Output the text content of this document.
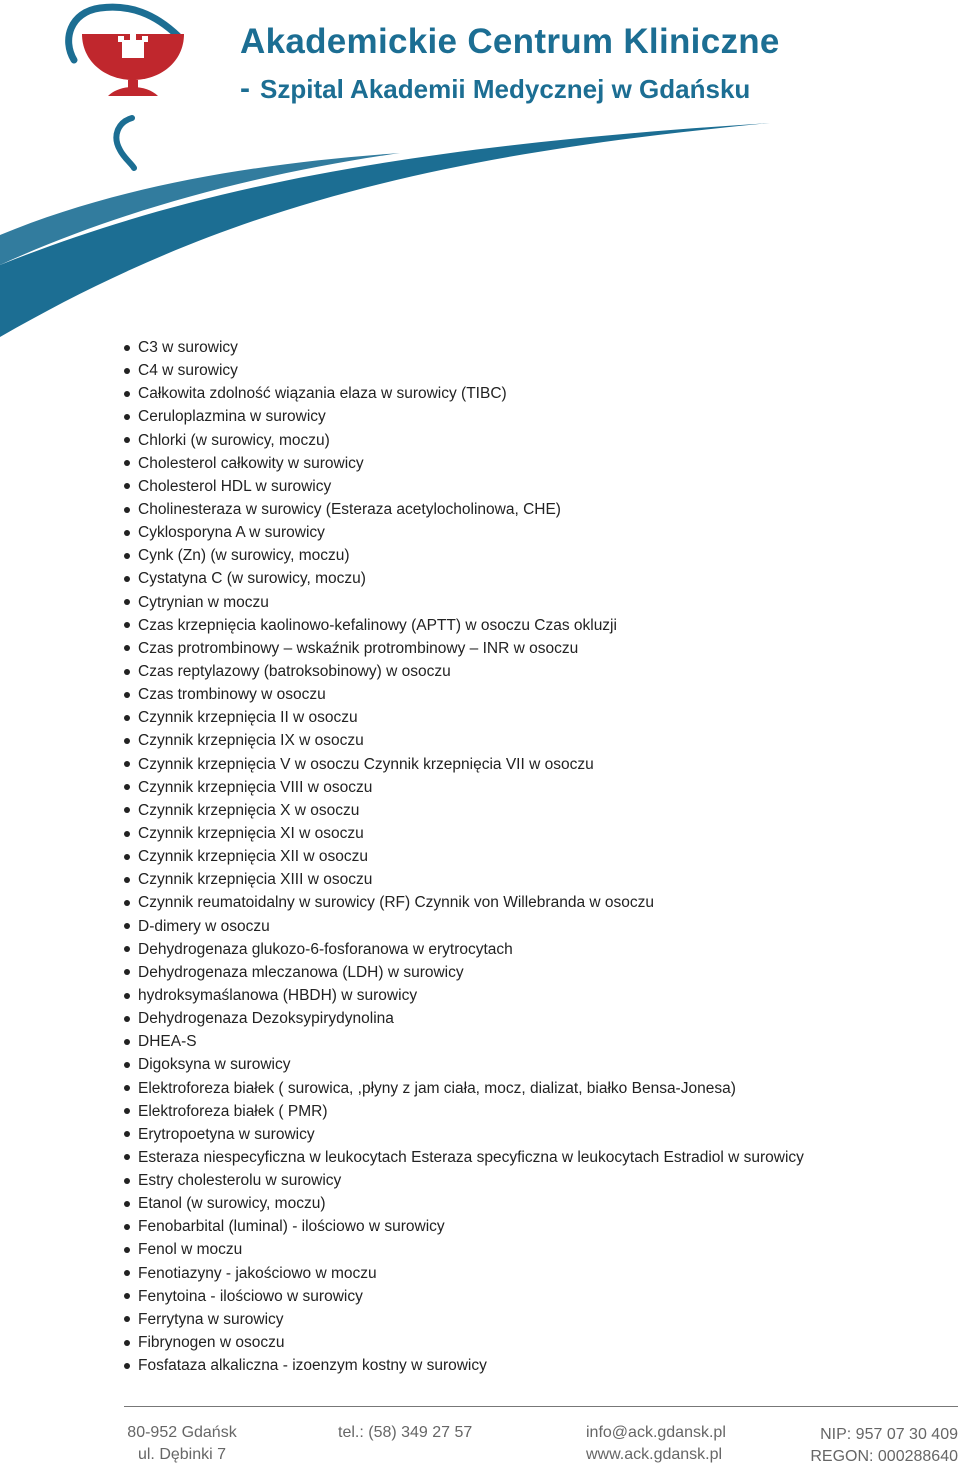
Akademickie Centrum Kliniczne
- Szpital Akademii Medycznej w Gdańsku
C3 w surowicy
C4 w surowicy
Całkowita zdolność wiązania elaza w surowicy (TIBC)
Ceruloplazmina w surowicy
Chlorki (w surowicy, moczu)
Cholesterol całkowity w surowicy
Cholesterol HDL w surowicy
Cholinesteraza w surowicy (Esteraza acetylocholinowa, CHE)
Cyklosporyna A w surowicy
Cynk (Zn) (w surowicy, moczu)
Cystatyna C (w surowicy, moczu)
Cytrynian w moczu
Czas krzepnięcia kaolinowo-kefalinowy (APTT) w osoczu Czas okluzji
Czas protrombinowy – wskaźnik protrombinowy – INR w osoczu
Czas reptylazowy (batroksobinowy) w osoczu
Czas trombinowy w osoczu
Czynnik krzepnięcia II w osoczu
Czynnik krzepnięcia IX w osoczu
Czynnik krzepnięcia V w osoczu Czynnik krzepnięcia VII w osoczu
Czynnik krzepnięcia VIII w osoczu
Czynnik krzepnięcia X w osoczu
Czynnik krzepnięcia XI w osoczu
Czynnik krzepnięcia XII w osoczu
Czynnik krzepnięcia XIII w osoczu
Czynnik reumatoidalny w surowicy (RF) Czynnik von Willebranda w osoczu
D-dimery w osoczu
Dehydrogenaza glukozo-6-fosforanowa w erytrocytach
Dehydrogenaza mleczanowa (LDH) w surowicy
hydroksymaślanowa (HBDH) w surowicy
Dehydrogenaza Dezoksypirydynolina
DHEA-S
Digoksyna w surowicy
Elektroforeza białek ( surowica, ,płyny z jam ciała, mocz, dializat, białko Bensa-Jonesa)
Elektroforeza białek ( PMR)
Erytropoetyna w surowicy
Esteraza niespecyficzna w leukocytach Esteraza specyficzna w leukocytach Estradiol w surowicy
Estry cholesterolu w surowicy
Etanol (w surowicy, moczu)
Fenobarbital (luminal) - ilościowo w surowicy
Fenol w moczu
Fenotiazyny - jakościowo w moczu
Fenytoina - ilościowo w surowicy
Ferrytyna w surowicy
Fibrynogen w osoczu
Fosfataza alkaliczna - izoenzym kostny w surowicy
80-952 Gdańsk
ul. Dębinki 7
tel.: (58) 349 27 57	info@ack.gdansk.pl
www.ack.gdansk.pl
NIP: 957 07 30 409
REGON: 000288640
